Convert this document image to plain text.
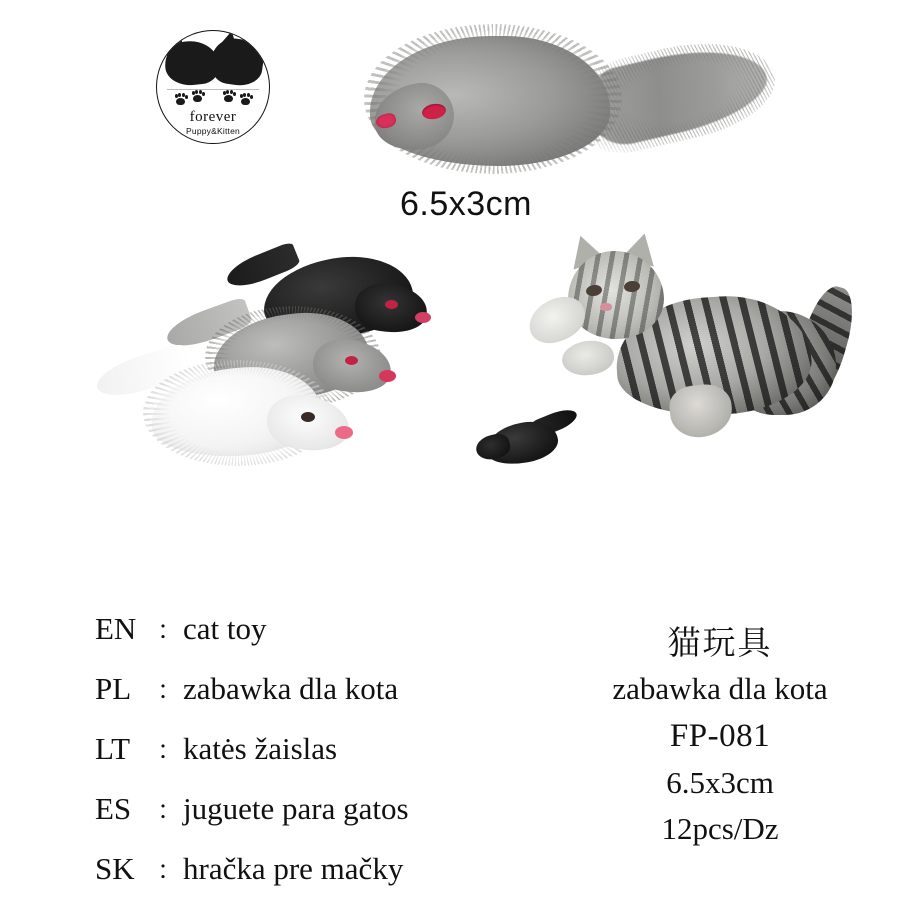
®
forever
Puppy&Kitten
6.5x3cm
EN ： cat toy
PL ： zabawka dla kota
LT	： katės žaislas
ES ： juguete para gatos
SK ： hračka pre mačky
猫玩具
zabawka dla kota
FP-081
6.5x3cm
12pcs/Dz
